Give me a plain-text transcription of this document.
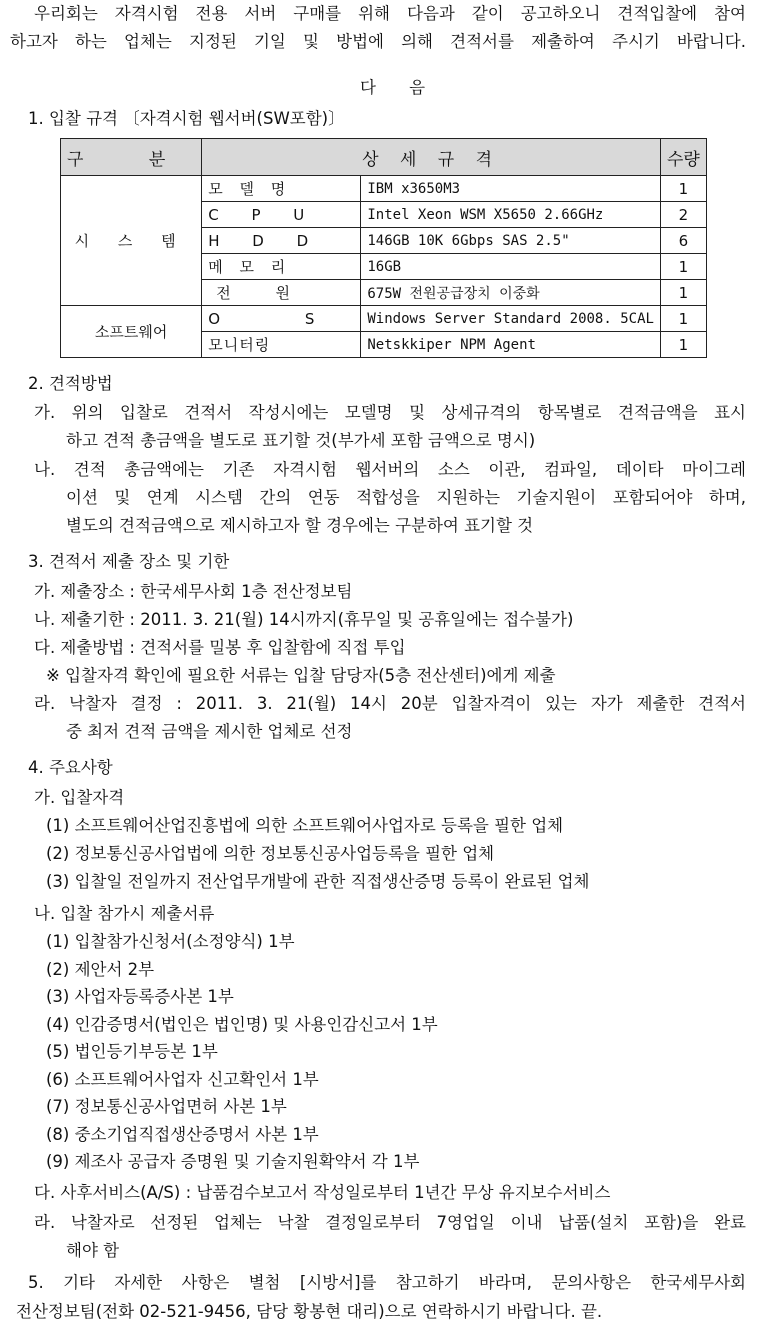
우리회는 자격시험 전용 서버 구매를 위해 다음과 같이 공고하오니 견적입찰에 참여
하고자 하는 업체는 지정된 기일 및 방법에 의해 견적서를 제출하여 주시기 바랍니다.
다 음
1. 입찰 규격 〔자격시험 웹서버(SW포함)〕
구 분	상 세 규 격		수량
시 스 템	모 델 명	IBM x3650M3	1
	C P U	Intel Xeon WSM X5650 2.66GHz	2
	H D D	146GB 10K 6Gbps SAS 2.5"	6
	메 모 리	16GB	1
	전 원	675W 전원공급장치 이중화	1
소프트웨어	O S	Windows Server Standard 2008. 5CAL	1
	모니터링	Netskkiper NPM Agent	1
2. 견적방법
가. 위의 입찰로 견적서 작성시에는 모델명 및 상세규격의 항목별로 견적금액을 표시
하고 견적 총금액을 별도로 표기할 것(부가세 포함 금액으로 명시)
나. 견적 총금액에는 기존 자격시험 웹서버의 소스 이관, 컴파일, 데이타 마이그레
이션 및 연계 시스템 간의 연동 적합성을 지원하는 기술지원이 포함되어야 하며,
별도의 견적금액으로 제시하고자 할 경우에는 구분하여 표기할 것
3. 견적서 제출 장소 및 기한
가. 제출장소 : 한국세무사회 1층 전산정보팀
나. 제출기한 : 2011. 3. 21(월) 14시까지(휴무일 및 공휴일에는 접수불가)
다. 제출방법 : 견적서를 밀봉 후 입찰함에 직접 투입
※ 입찰자격 확인에 필요한 서류는 입찰 담당자(5층 전산센터)에게 제출
라. 낙찰자 결정 : 2011. 3. 21(월) 14시 20분 입찰자격이 있는 자가 제출한 견적서
중 최저 견적 금액을 제시한 업체로 선정
4. 주요사항
가. 입찰자격
(1) 소프트웨어산업진흥법에 의한 소프트웨어사업자로 등록을 필한 업체
(2) 정보통신공사업법에 의한 정보통신공사업등록을 필한 업체
(3) 입찰일 전일까지 전산업무개발에 관한 직접생산증명 등록이 완료된 업체
나. 입찰 참가시 제출서류
(1) 입찰참가신청서(소정양식) 1부
(2) 제안서 2부
(3) 사업자등록증사본 1부
(4) 인감증명서(법인은 법인명) 및 사용인감신고서 1부
(5) 법인등기부등본 1부
(6) 소프트웨어사업자 신고확인서 1부
(7) 정보통신공사업면허 사본 1부
(8) 중소기업직접생산증명서 사본 1부
(9) 제조사 공급자 증명원 및 기술지원확약서 각 1부
다. 사후서비스(A/S) : 납품검수보고서 작성일로부터 1년간 무상 유지보수서비스
라. 낙찰자로 선정된 업체는 낙찰 결정일로부터 7영업일 이내 납품(설치 포함)을 완료
해야 함
5. 기타 자세한 사항은 별첨 [시방서]를 참고하기 바라며, 문의사항은 한국세무사회
전산정보팀(전화 02-521-9456, 담당 황봉현 대리)으로 연락하시기 바랍니다. 끝.
